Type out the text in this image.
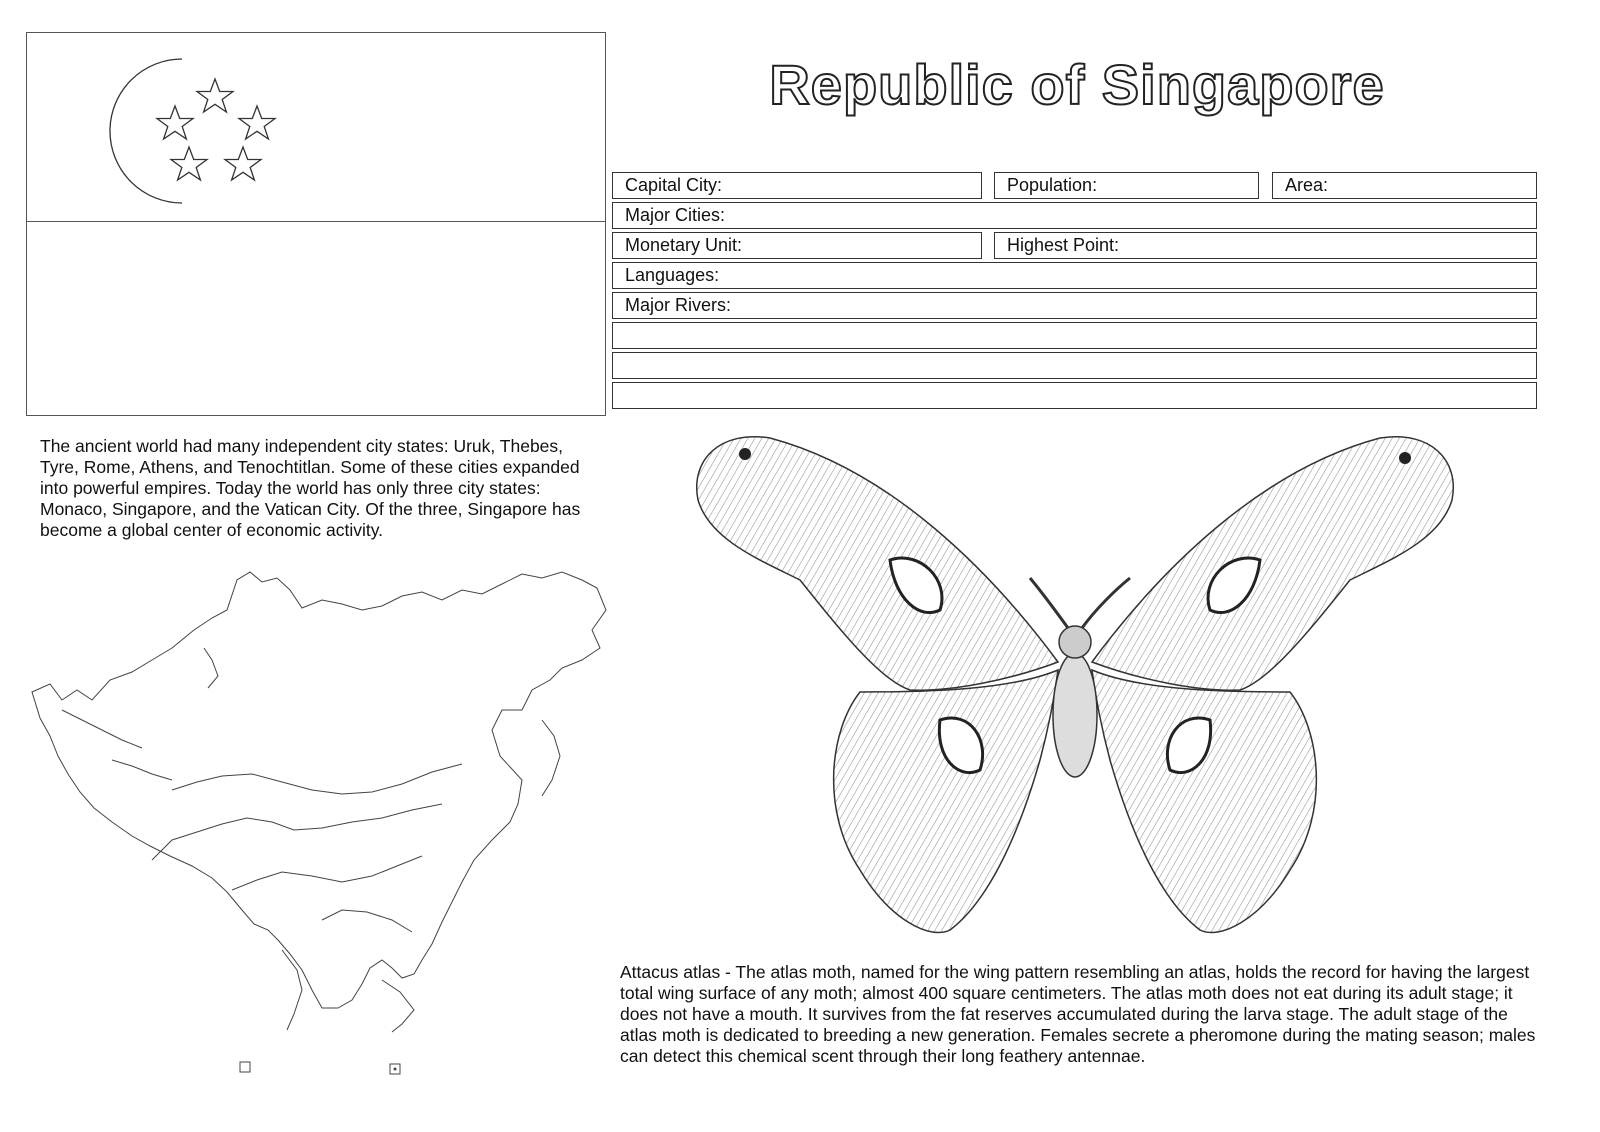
Republic of Singapore
Capital City:	Population:	Area:
Major Cities:
Monetary Unit:	Highest Point:
Languages:
Major Rivers:
The ancient world had many independent city states: Uruk, Thebes, Tyre, Rome, Athens, and Tenochtitlan. Some of these cities expanded into powerful empires. Today the world has only three city states: Monaco, Singapore, and the Vatican City. Of the three, Singapore has become a global center of economic activity.
Attacus atlas - The atlas moth, named for the wing pattern resembling an atlas, holds the record for having the largest total wing surface of any moth; almost 400 square centimeters. The atlas moth does not eat during its adult stage; it does not have a mouth. It survives from the fat reserves accumulated during the larva stage. The adult stage of the atlas moth is dedicated to breeding a new generation. Females secrete a pheromone during the mating season; males can detect this chemical scent through their long feathery antennae.
